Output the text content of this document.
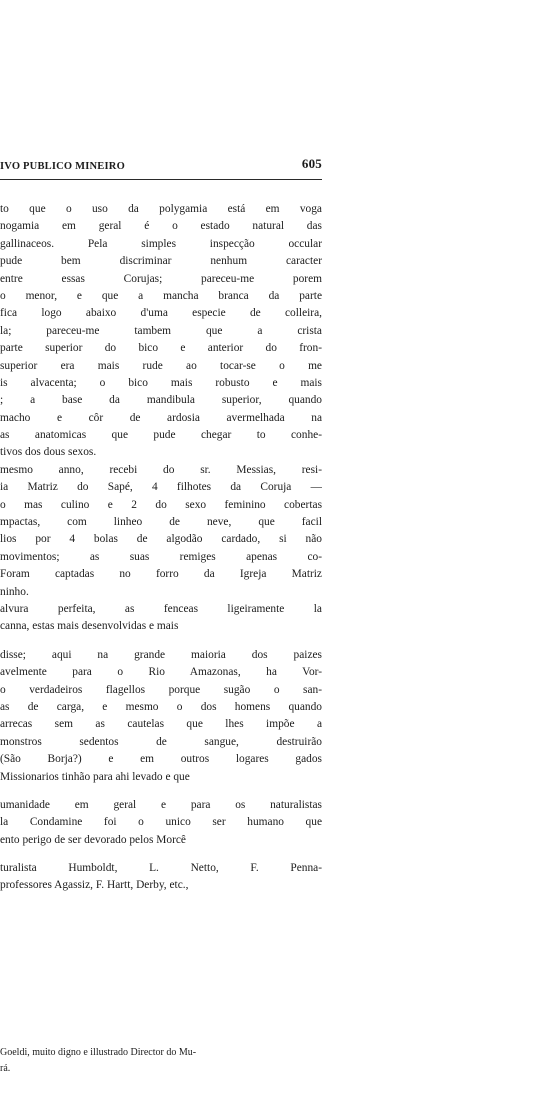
IVO PUBLICO MINEIRO	605
to que o uso da polygamia está em voga
nogamia em geral é o estado natural das
gallinaceos. Pela simples inspecção occular
pude bem discriminar nenhum caracter
entre essas Corujas; pareceu-me porem
o menor, e que a mancha branca da parte
fica logo abaixo d'uma especie de colleira,
la; pareceu-me tambem que a crista
parte superior do bico e anterior do fron-
superior era mais rude ao tocar-se o me
is alvacenta; o bico mais robusto e mais
; a base da mandibula superior, quando
macho e côr de ardosia avermelhada na
as anatomicas que pude chegar to conhe-
tivos dos dous sexos.
mesmo anno, recebi do sr. Messias, resi-
ia Matriz do Sapé, 4 filhotes da Coruja —
o mas culino e 2 do sexo feminino cobertas
mpactas, com linheo de neve, que facil
lios por 4 bolas de algodão cardado, si não
movimentos; as suas remiges apenas co-
Foram captadas no forro da Igreja Matriz
ninho.
alvura perfeita, as fenceas ligeiramente la
canna, estas mais desenvolvidas e mais
disse; aqui na grande maioria dos paizes
avelmente para o Rio Amazonas, ha Vor-
o verdadeiros flagellos porque sugão o san-
as de carga, e mesmo o dos homens quando
arrecas sem as cautelas que lhes impõe a
monstros sedentos de sangue, destruirão
(São Borja?) e em outros logares gados
Missionarios tinhão para ahi levado e que
umanidade em geral e para os naturalistas
la Condamine foi o unico ser humano que
ento perigo de ser devorado pelos Morcê
turalista Humboldt, L. Netto, F. Penna-
professores Agassiz, F. Hartt, Derby, etc.,
Goeldi, muito digno e illustrado Director do Mu-
rá.
